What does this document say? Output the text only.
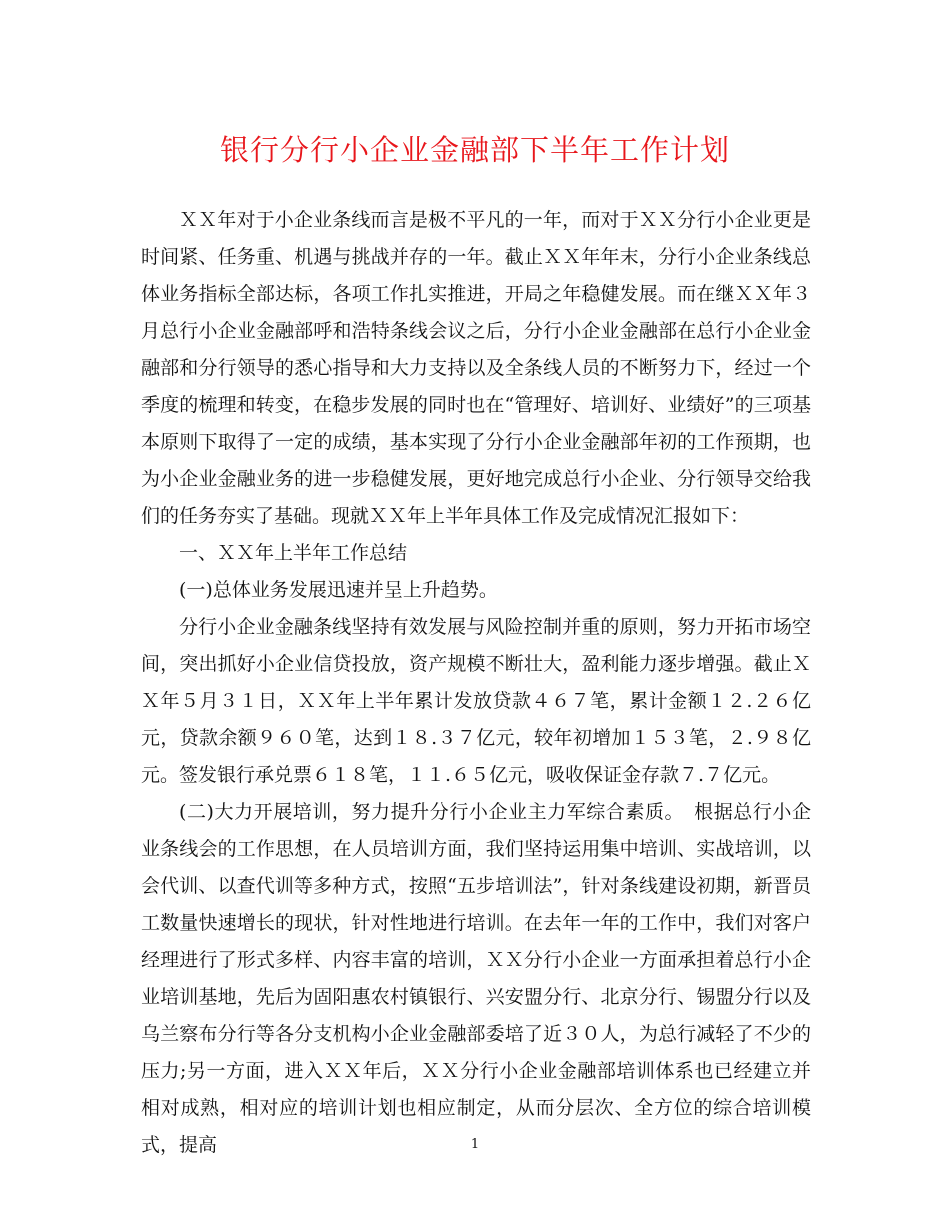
银行分行小企业金融部下半年工作计划

ＸＸ年对于小企业条线而言是极不平凡的一年，而对于ＸＸ分行小企业更是时间紧、任务重、机遇与挑战并存的一年。截止ＸＸ年年末，分行小企业条线总体业务指标全部达标，各项工作扎实推进，开局之年稳健发展。而在继ＸＸ年３月总行小企业金融部呼和浩特条线会议之后，分行小企业金融部在总行小企业金融部和分行领导的悉心指导和大力支持以及全条线人员的不断努力下，经过一个季度的梳理和转变，在稳步发展的同时也在“管理好、培训好、业绩好”的三项基本原则下取得了一定的成绩，基本实现了分行小企业金融部年初的工作预期，也为小企业金融业务的进一步稳健发展，更好地完成总行小企业、分行领导交给我们的任务夯实了基础。现就ＸＸ年上半年具体工作及完成情况汇报如下：

一、ＸＸ年上半年工作总结

(一)总体业务发展迅速并呈上升趋势。

分行小企业金融条线坚持有效发展与风险控制并重的原则，努力开拓市场空间，突出抓好小企业信贷投放，资产规模不断壮大，盈利能力逐步增强。截止ＸＸ年５月３１日，ＸＸ年上半年累计发放贷款４６７笔，累计金额１２.２６亿元，贷款余额９６０笔，达到１８.３７亿元，较年初增加１５３笔，２.９８亿元。签发银行承兑票６１８笔，１１.６５亿元，吸收保证金存款７.７亿元。

(二)大力开展培训，努力提升分行小企业主力军综合素质。　根据总行小企业条线会的工作思想，在人员培训方面，我们坚持运用集中培训、实战培训，以会代训、以查代训等多种方式，按照“五步培训法”，针对条线建设初期，新晋员工数量快速增长的现状，针对性地进行培训。在去年一年的工作中，我们对客户经理进行了形式多样、内容丰富的培训，ＸＸ分行小企业一方面承担着总行小企业培训基地，先后为固阳惠农村镇银行、兴安盟分行、北京分行、锡盟分行以及乌兰察布分行等各分支机构小企业金融部委培了近３０人，为总行减轻了不少的压力;另一方面，进入ＸＸ年后，ＸＸ分行小企业金融部培训体系也已经建立并相对成熟，相对应的培训计划也相应制定，从而分层次、全方位的综合培训模式，提高	1
